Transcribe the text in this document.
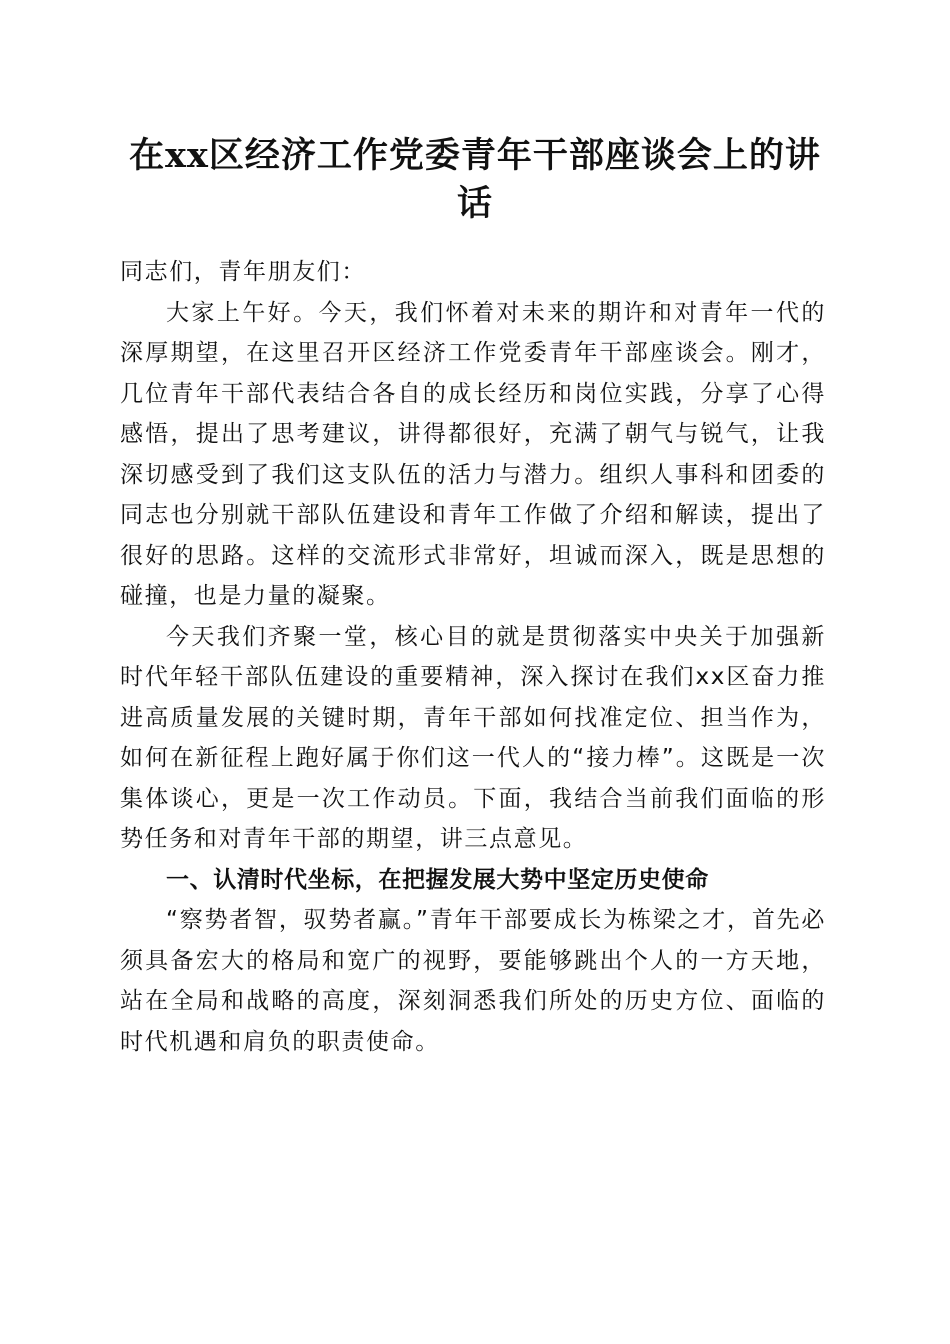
在xx区经济工作党委青年干部座谈会上的讲话

同志们，青年朋友们：

大家上午好。今天，我们怀着对未来的期许和对青年一代的深厚期望，在这里召开区经济工作党委青年干部座谈会。刚才，几位青年干部代表结合各自的成长经历和岗位实践，分享了心得感悟，提出了思考建议，讲得都很好，充满了朝气与锐气，让我深切感受到了我们这支队伍的活力与潜力。组织人事科和团委的同志也分别就干部队伍建设和青年工作做了介绍和解读，提出了很好的思路。这样的交流形式非常好，坦诚而深入，既是思想的碰撞，也是力量的凝聚。

今天我们齐聚一堂，核心目的就是贯彻落实中央关于加强新时代年轻干部队伍建设的重要精神，深入探讨在我们xx区奋力推进高质量发展的关键时期，青年干部如何找准定位、担当作为，如何在新征程上跑好属于你们这一代人的“接力棒”。这既是一次集体谈心，更是一次工作动员。下面，我结合当前我们面临的形势任务和对青年干部的期望，讲三点意见。

一、认清时代坐标，在把握发展大势中坚定历史使命

“察势者智，驭势者赢。”青年干部要成长为栋梁之才，首先必须具备宏大的格局和宽广的视野，要能够跳出个人的一方天地，站在全局和战略的高度，深刻洞悉我们所处的历史方位、面临的时代机遇和肩负的职责使命。
